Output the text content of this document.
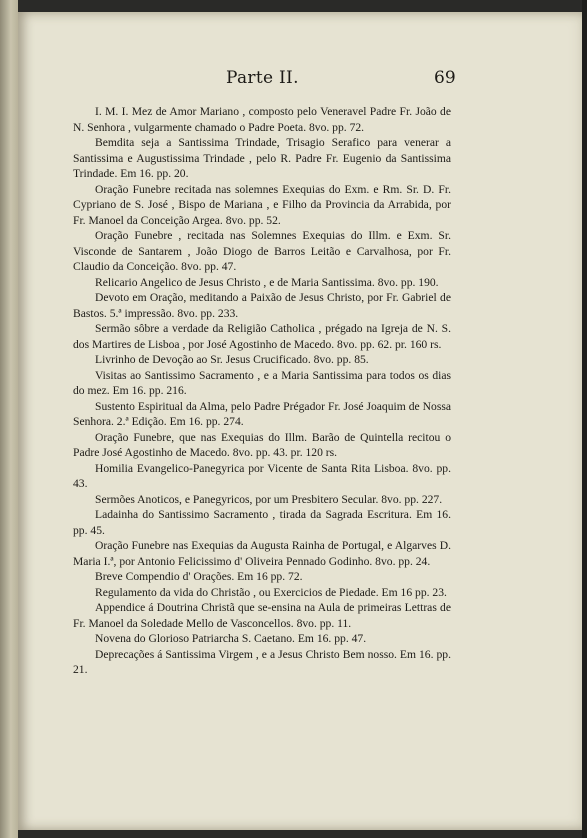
Parte II.	69

I. M. I. Mez de Amor Mariano , composto pelo Veneravel Padre Fr. João de N. Senhora , vulgarmente chamado o Padre Poeta. 8vo. pp. 72.

Bemdita seja a Santissima Trindade, Trisagio Serafico para venerar a Santissima e Augustissima Trindade , pelo R. Padre Fr. Eugenio da Santissima Trindade. Em 16. pp. 20.

Oração Funebre recitada nas solemnes Exequias do Exm. e Rm. Sr. D. Fr. Cypriano de S. José , Bispo de Mariana , e Filho da Provincia da Arrabida, por Fr. Manoel da Conceição Argea. 8vo. pp. 52.

Oração Funebre , recitada nas Solemnes Exequias do Illm. e Exm. Sr. Visconde de Santarem , João Diogo de Barros Leitão e Carvalhosa, por Fr. Claudio da Conceição. 8vo. pp. 47.

Relicario Angelico de Jesus Christo , e de Maria Santissima. 8vo. pp. 190.

Devoto em Oração, meditando a Paixão de Jesus Christo, por Fr. Gabriel de Bastos. 5.ª impressão. 8vo. pp. 233.

Sermão sôbre a verdade da Religião Catholica , prégado na Igreja de N. S. dos Martires de Lisboa , por José Agostinho de Macedo. 8vo. pp. 62. pr. 160 rs.

Livrinho de Devoção ao Sr. Jesus Crucificado. 8vo. pp. 85.

Visitas ao Santissimo Sacramento , e a Maria Santissima para todos os dias do mez. Em 16. pp. 216.

Sustento Espiritual da Alma, pelo Padre Prégador Fr. José Joaquim de Nossa Senhora. 2.ª Edição. Em 16. pp. 274.

Oração Funebre, que nas Exequias do Illm. Barão de Quintella recitou o Padre José Agostinho de Macedo. 8vo. pp. 43. pr. 120 rs.

Homilia Evangelico-Panegyrica por Vicente de Santa Rita Lisboa. 8vo. pp. 43.

Sermões Anoticos, e Panegyricos, por um Presbitero Secular. 8vo. pp. 227.

Ladainha do Santissimo Sacramento , tirada da Sagrada Escritura. Em 16. pp. 45.

Oração Funebre nas Exequias da Augusta Rainha de Portugal, e Algarves D. Maria I.ª, por Antonio Felicissimo d' Oliveira Pennado Godinho. 8vo. pp. 24.

Breve Compendio d' Orações. Em 16 pp. 72.

Regulamento da vida do Christão , ou Exercicios de Piedade. Em 16 pp. 23.

Appendice á Doutrina Christã que se-ensina na Aula de primeiras Lettras de Fr. Manoel da Soledade Mello de Vasconcellos. 8vo. pp. 11.

Novena do Glorioso Patriarcha S. Caetano. Em 16. pp. 47.

Deprecações á Santissima Virgem , e a Jesus Christo Bem nosso. Em 16. pp. 21.
